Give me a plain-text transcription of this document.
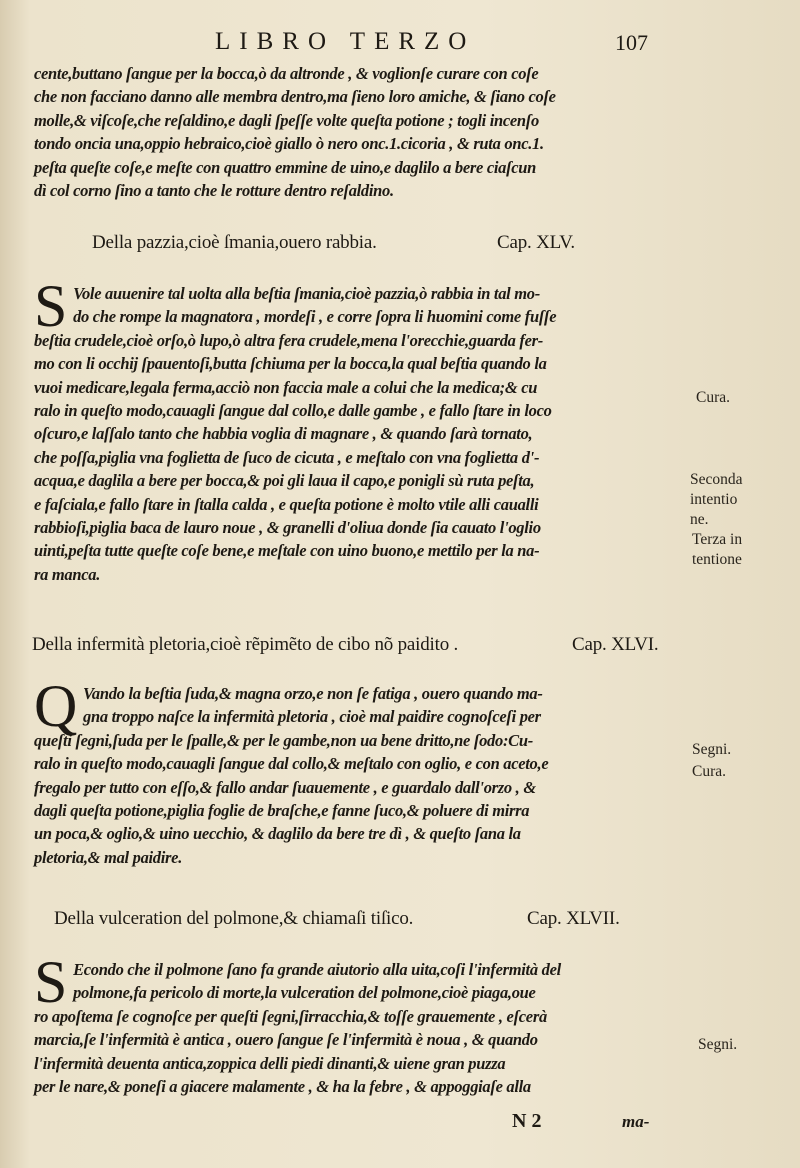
LIBRO TERZO	107
cente,buttano ſangue per la bocca,ò da altronde , & voglionſe curare con coſe
che non facciano danno alle membra dentro,ma ſieno loro amiche, & ſiano coſe
molle,& viſcoſe,che reſaldino,e dagli ſpeſſe volte queſta potione ; togli incenſo
tondo oncia una,oppio hebraico,cioè giallo ò nero onc.1.cicoria , & ruta onc.1.
peſta queſte coſe,e meſte con quattro emmine de uino,e daglilo a bere ciaſcun
dì col corno ſino a tanto che le rotture dentro reſaldino.
Della pazzia,cioè ſmania,ouero rabbia.	Cap. XLV.
S Vole auuenire tal uolta alla beſtia ſmania,cioè pazzia,ò rabbia in tal mo-
do che rompe la magnatora , mordeſi , e corre ſopra li huomini come fuſſe
beſtia crudele,cioè orſo,ò lupo,ò altra fera crudele,mena l'orecchie,guarda fer-
mo con li occhij ſpauentoſi,butta ſchiuma per la bocca,la qual beſtia quando la
vuoi medicare,legala ferma,acciò non faccia male a colui che la medica;& cu
ralo in queſto modo,cauagli ſangue dal collo,e dalle gambe , e fallo ſtare in loco
oſcuro,e laſſalo tanto che habbia voglia di magnare , & quando ſarà tornato,
che poſſa,piglia vna foglietta de ſuco de cicuta , e meſtalo con vna foglietta d'-
acqua,e daglila a bere per bocca,& poi gli laua il capo,e ponigli sù ruta peſta,
e faſciala,e fallo ſtare in ſtalla calda , e queſta potione è molto vtile alli caualli
rabbioſi,piglia baca de lauro noue , & granelli d'oliua donde ſia cauato l'oglio
uinti,peſta tutte queſte coſe bene,e meſtale con uino buono,e mettilo per la na-
ra manca.
Della infermità pletoria,cioè rẽpimẽto de cibo nõ paidito .	Cap. XLVI.
Q Vando la beſtia ſuda,& magna orzo,e non ſe fatiga , ouero quando ma-
gna troppo naſce la infermità pletoria , cioè mal paidire cognoſceſi per
queſti ſegni,ſuda per le ſpalle,& per le gambe,non ua bene dritto,ne ſodo:Cu-
ralo in queſto modo,cauagli ſangue dal collo,& meſtalo con oglio, e con aceto,e
fregalo per tutto con eſſo,& fallo andar ſuauemente , e guardalo dall'orzo , &
dagli queſta potione,piglia foglie de braſche,e fanne ſuco,& poluere di mirra
un poca,& oglio,& uino uecchio, & daglilo da bere tre dì , & queſto ſana la
pletoria,& mal paidire.
Della vulceration del polmone,& chiamaſi tiſico.	Cap. XLVII.
S Econdo che il polmone ſano fa grande aiutorio alla uita,coſi l'infermità del
polmone,fa pericolo di morte,la vulceration del polmone,cioè piaga,oue
ro apoſtema ſe cognoſce per queſti ſegni,ſirracchia,& toſſe grauemente , eſcerà
marcia,ſe l'infermità è antica , ouero ſangue ſe l'infermità è noua , & quando
l'infermità deuenta antica,zoppica delli piedi dinanti,& uiene gran puzza
per le nare,& poneſi a giacere malamente , & ha la febre , & appoggiaſe alla
Cura.
Seconda
intentio
ne.
Terza in
tentione
Segni.
Cura.
Segni.
N 2	ma-
